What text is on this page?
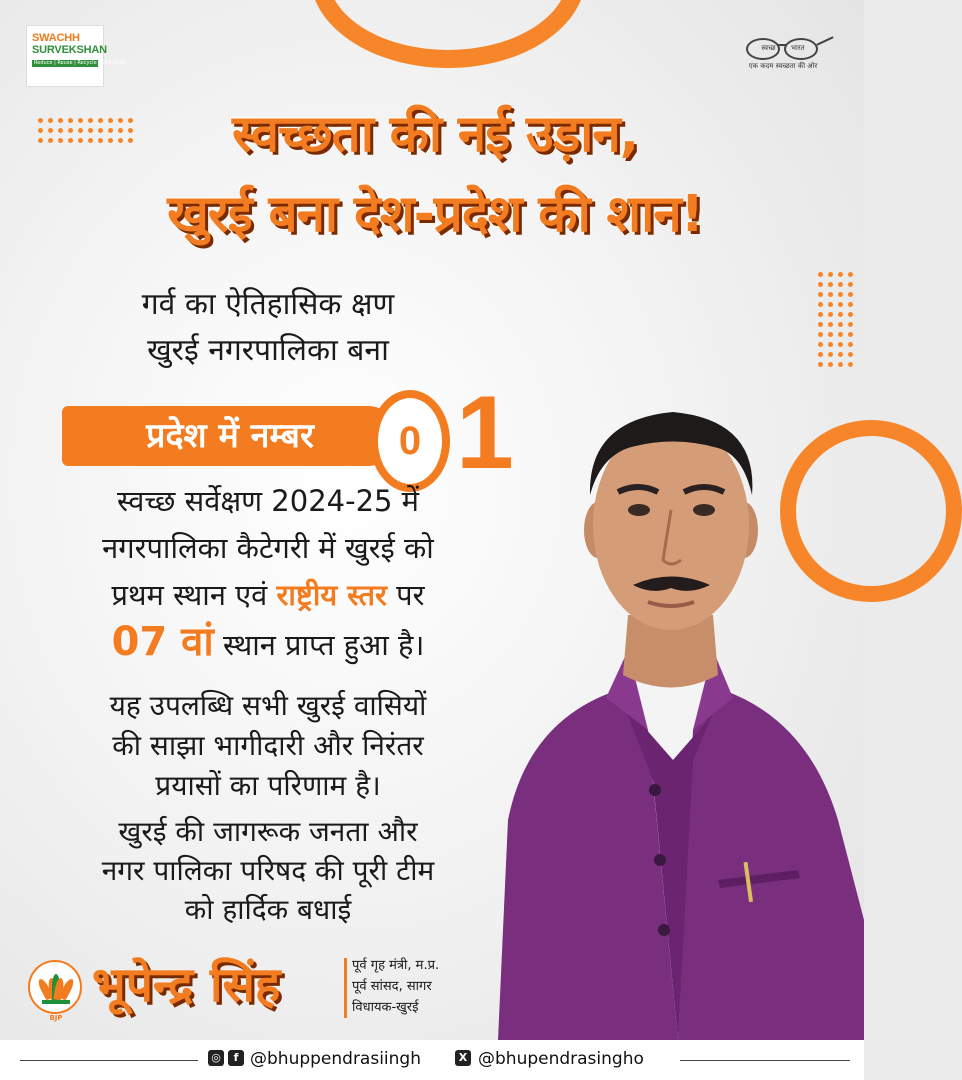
SWACHH
SURVEKSHAN
Reduce | Reuse | Recycle 2024-2025
स्वच्छ भारत
एक कदम स्वच्छता की ओर
स्वच्छता की नई उड़ान,
खुरई बना देश-प्रदेश की शान!
गर्व का ऐतिहासिक क्षण
खुरई नगरपालिका बना
प्रदेश में नम्बर	0 1
स्वच्छ सर्वेक्षण 2024-25 में
नगरपालिका कैटेगरी में खुरई को
प्रथम स्थान एवं राष्ट्रीय स्तर पर
07 वां स्थान प्राप्त हुआ है।
यह उपलब्धि सभी खुरई वासियों
की साझा भागीदारी और निरंतर
प्रयासों का परिणाम है।
खुरई की जागरूक जनता और
नगर पालिका परिषद की पूरी टीम
को हार्दिक बधाई
BJP
भूपेन्द्र सिंह	पूर्व गृह मंत्री, म.प्र.
पूर्व सांसद, सागर
विधायक-खुरई
◎	f @bhuppendrasiingh	X @bhupendrasingho
